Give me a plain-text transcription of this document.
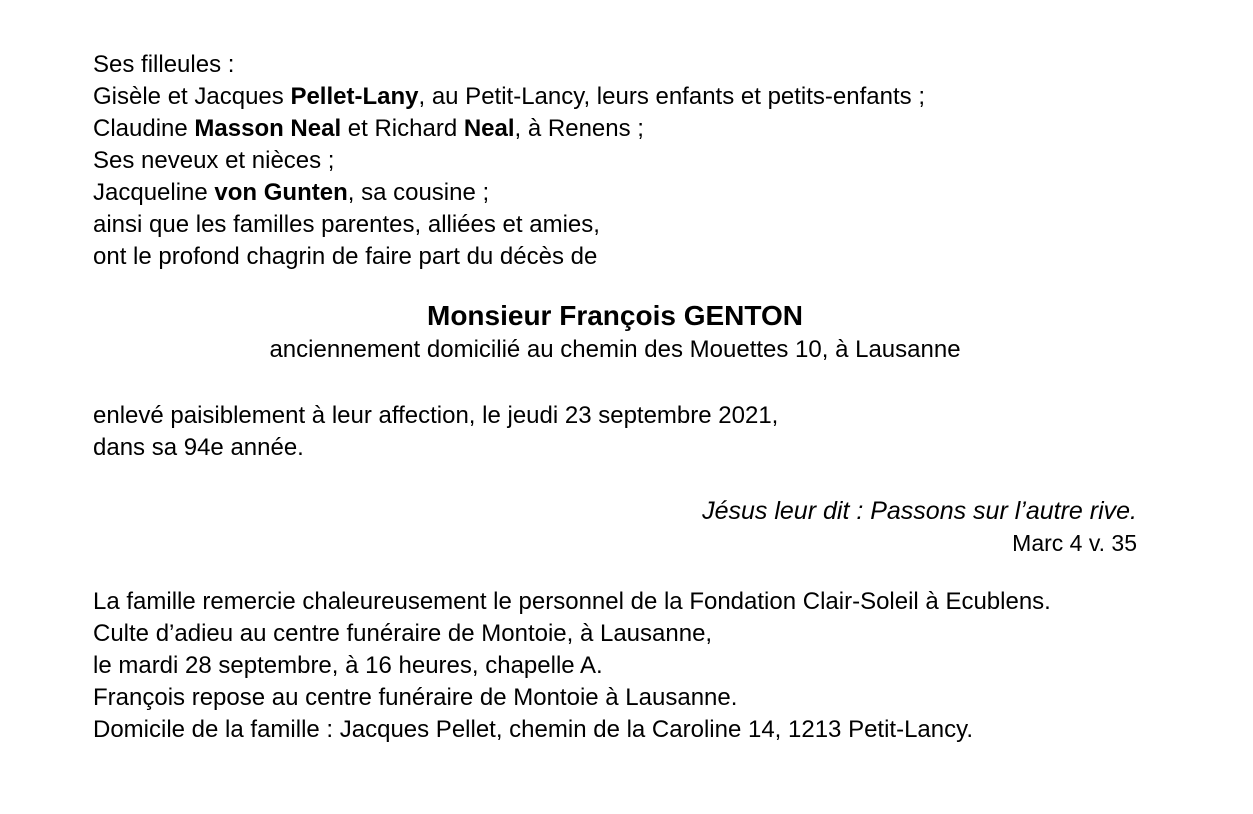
Ses filleules :

Gisèle et Jacques Pellet-Lany, au Petit-Lancy, leurs enfants et petits-enfants ;

Claudine Masson Neal et Richard Neal, à Renens ;

Ses neveux et nièces ;

Jacqueline von Gunten, sa cousine ;

ainsi que les familles parentes, alliées et amies,

ont le profond chagrin de faire part du décès de

Monsieur François GENTON

anciennement domicilié au chemin des Mouettes 10, à Lausanne

enlevé paisiblement à leur affection, le jeudi 23 septembre 2021,

dans sa 94e année.

Jésus leur dit : Passons sur l’autre rive.

Marc 4 v. 35

La famille remercie chaleureusement le personnel de la Fondation Clair-Soleil à Ecublens.

Culte d’adieu au centre funéraire de Montoie, à Lausanne,

le mardi 28 septembre, à 16 heures, chapelle A.

François repose au centre funéraire de Montoie à Lausanne.

Domicile de la famille : Jacques Pellet, chemin de la Caroline 14, 1213 Petit-Lancy.
